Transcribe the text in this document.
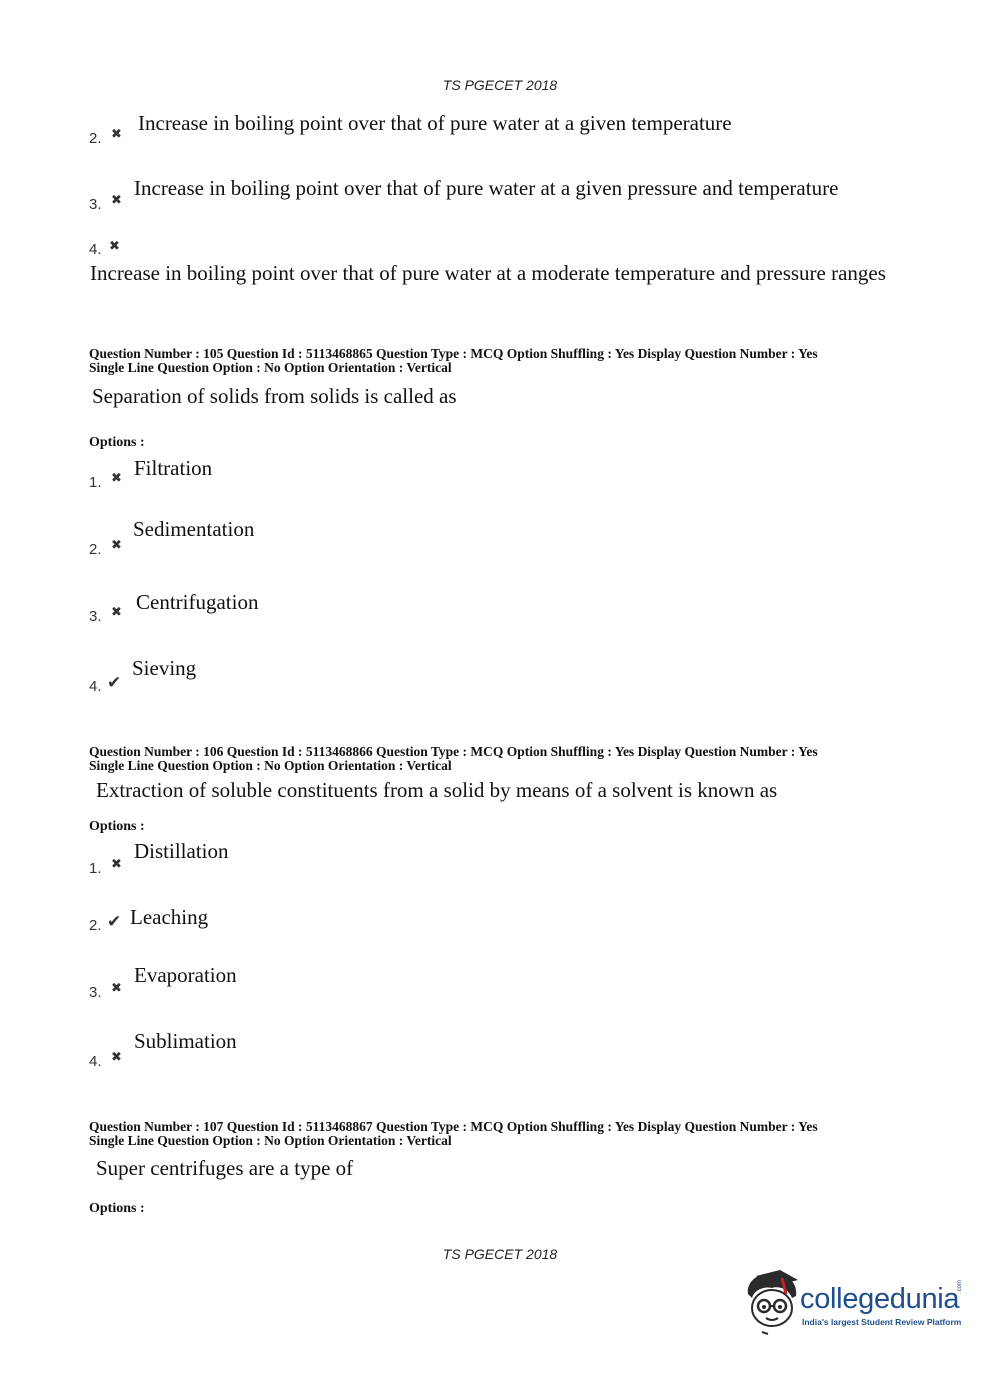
TS PGECET 2018
2. ✖ Increase in boiling point over that of pure water at a given temperature
3. ✖
Increase in boiling point over that of pure water at a given pressure and temperature
4. ✖
Increase in boiling point over that of pure water at a moderate temperature and pressure ranges
Question Number : 105 Question Id : 5113468865 Question Type : MCQ Option Shuffling : Yes Display Question Number : Yes
Single Line Question Option : No Option Orientation : Vertical
Separation of solids from solids is called as
Options :
1. ✖ Filtration
2. ✖
Sedimentation
3. ✖ Centrifugation
4. ✔
Sieving
Question Number : 106 Question Id : 5113468866 Question Type : MCQ Option Shuffling : Yes Display Question Number : Yes
Single Line Question Option : No Option Orientation : Vertical
Extraction of soluble constituents from a solid by means of a solvent is known as
Options :
1. ✖
Distillation
2. ✔ Leaching
3. ✖
Evaporation
4. ✖
Sublimation
Question Number : 107 Question Id : 5113468867 Question Type : MCQ Option Shuffling : Yes Display Question Number : Yes
Single Line Question Option : No Option Orientation : Vertical
Super centrifuges are a type of
Options :
TS PGECET 2018
collegedunia
.com
India's largest Student Review Platform
